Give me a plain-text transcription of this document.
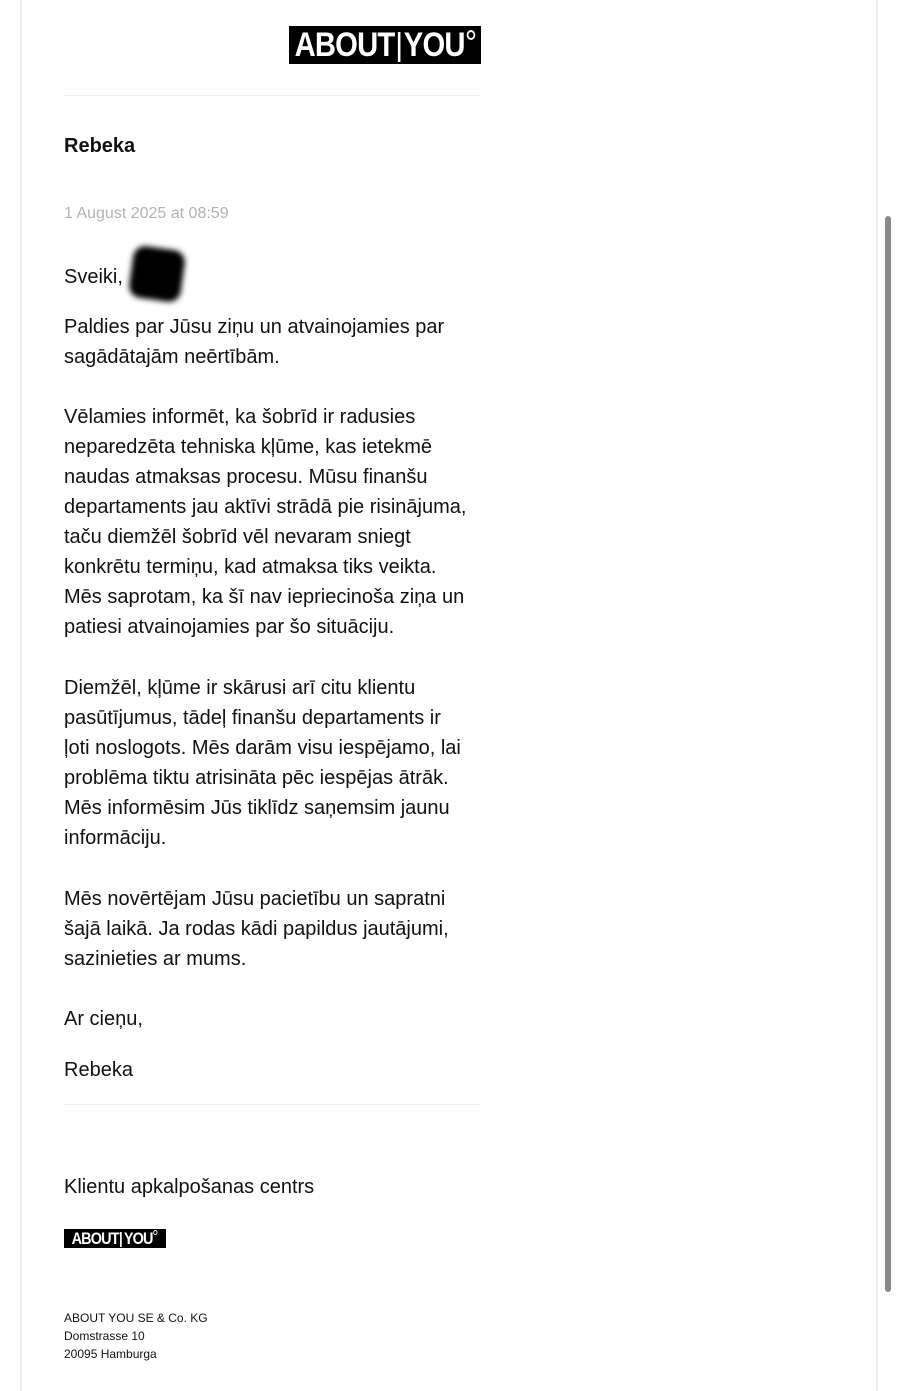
ABOUT YOU
Rebeka
1 August 2025 at 08:59
Sveiki,
Paldies par Jūsu ziņu un atvainojamies par
sagādātajām neērtībām.
Vēlamies informēt, ka šobrīd ir radusies
neparedzēta tehniska kļūme, kas ietekmē
naudas atmaksas procesu. Mūsu finanšu
departaments jau aktīvi strādā pie risinājuma,
taču diemžēl šobrīd vēl nevaram sniegt
konkrētu termiņu, kad atmaksa tiks veikta.
Mēs saprotam, ka šī nav iepriecinoša ziņa un
patiesi atvainojamies par šo situāciju.
Diemžēl, kļūme ir skārusi arī citu klientu
pasūtījumus, tādeļ finanšu departaments ir
ļoti noslogots. Mēs darām visu iespējamo, lai
problēma tiktu atrisināta pēc iespējas ātrāk.
Mēs informēsim Jūs tiklīdz saņemsim jaunu
informāciju.
Mēs novērtējam Jūsu pacietību un sapratni
šajā laikā. Ja rodas kādi papildus jautājumi,
sazinieties ar mums.
Ar cieņu,
Rebeka
Klientu apkalpošanas centrs
ABOUT YOU
ABOUT YOU SE & Co. KG
Domstrasse 10
20095 Hamburga
